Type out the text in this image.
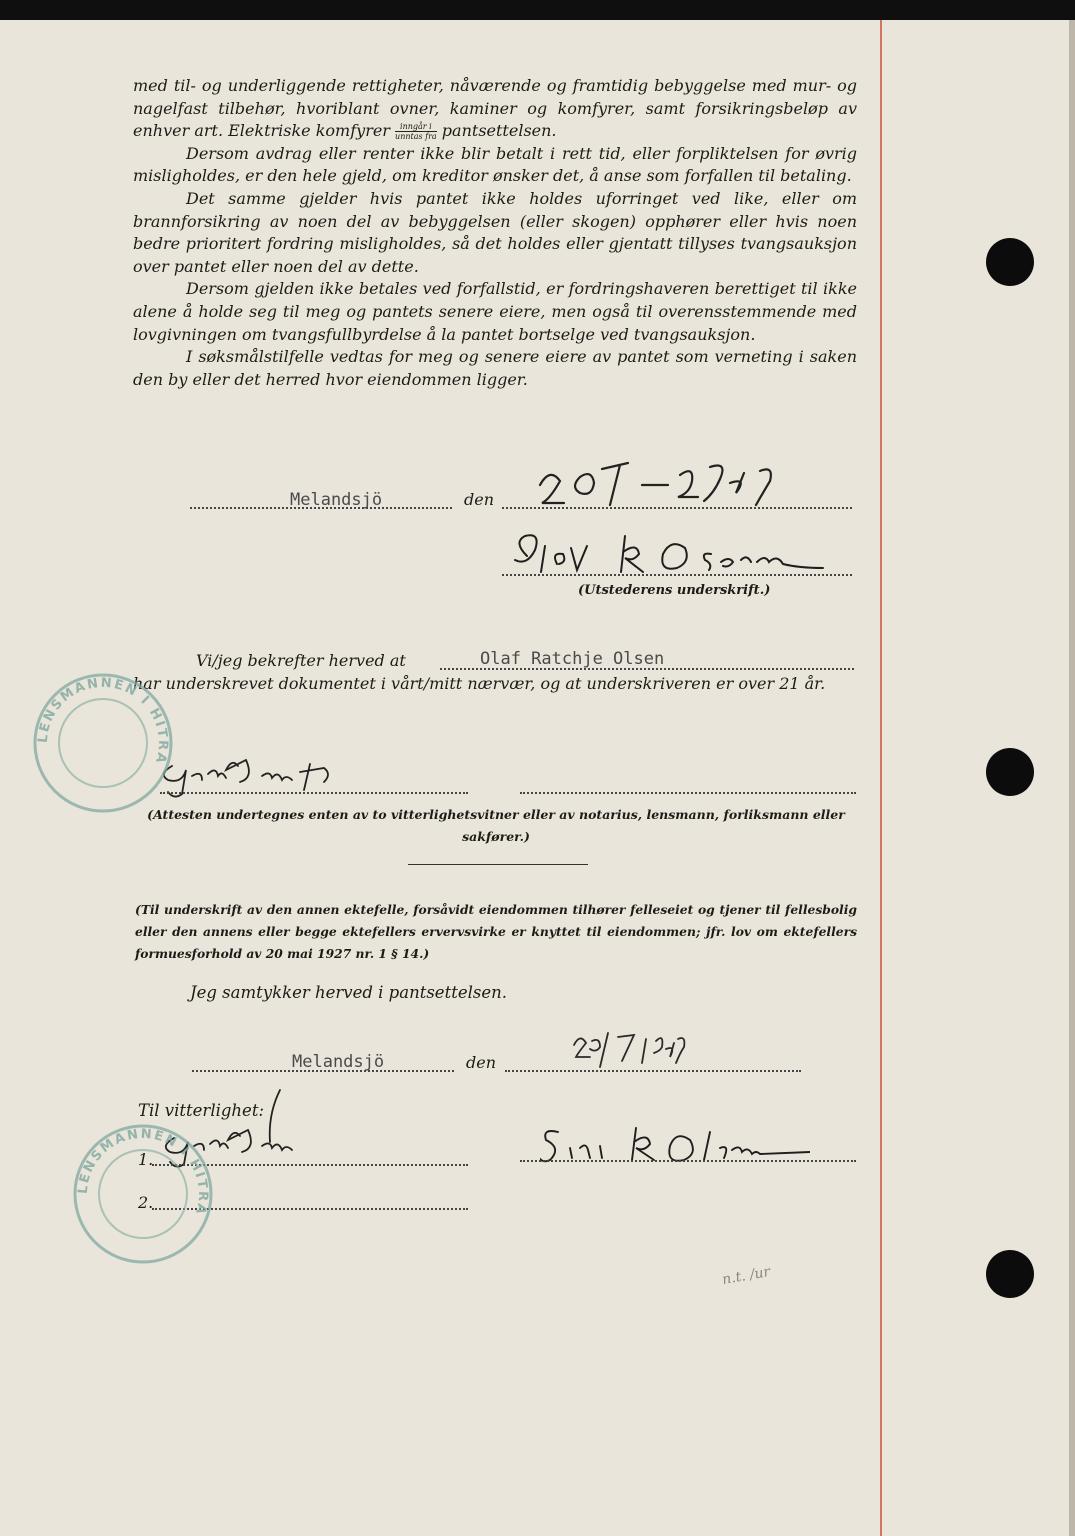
med til- og underliggende rettigheter, nåværende og framtidig bebyggelse med mur- og nagelfast tilbehør, hvoriblant ovner, kaminer og komfyrer, samt forsikringsbeløp av enhver art. Elektriske komfyrer $\frac{\text{inngår i}}{\text{unntas fra}}$ pantsettelsen.

Dersom avdrag eller renter ikke blir betalt i rett tid, eller forpliktelsen for øvrig misligholdes, er den hele gjeld, om kreditor ønsker det, å anse som forfallen til betaling.

Det samme gjelder hvis pantet ikke holdes uforringet ved like, eller om brannforsikring av noen del av bebyggelsen (eller skogen) opphører eller hvis noen bedre prioritert fordring misligholdes, så det holdes eller gjentatt tillyses tvangsauksjon over pantet eller noen del av dette.

Dersom gjelden ikke betales ved forfallstid, er fordringshaveren berettiget til ikke alene å holde seg til meg og pantets senere eiere, men også til overensstemmende med lovgivningen om tvangsfullbyrdelse å la pantet bortselge ved tvangsauksjon.

I søksmålstilfelle vedtas for meg og senere eiere av pantet som verneting i saken den by eller det herred hvor eiendommen ligger.

Melandsjö	den
(Utstederens underskrift.)
Vi/jeg bekrefter herved at	Olaf Ratchje Olsen
har underskrevet dokumentet i vårt/mitt nærvær, og at underskriveren er over 21 år.
(Attesten undertegnes enten av to vitterlighetsvitner eller av notarius, lensmann, forliksmann eller sakfører.)
(Til underskrift av den annen ektefelle, forsåvidt eiendommen tilhører felleseiet og tjener til fellesbolig eller den annens eller begge ektefellers ervervsvirke er knyttet til eiendommen; jfr. lov om ektefellers formuesforhold av 20 mai 1927 nr. 1 § 14.)
Jeg samtykker herved i pantsettelsen.
Melandsjö	den
Til vitterlighet:
1.
2.
n.t. /ur
LENSMANNEN I HITRA
LENSMANNEN I HITRA
